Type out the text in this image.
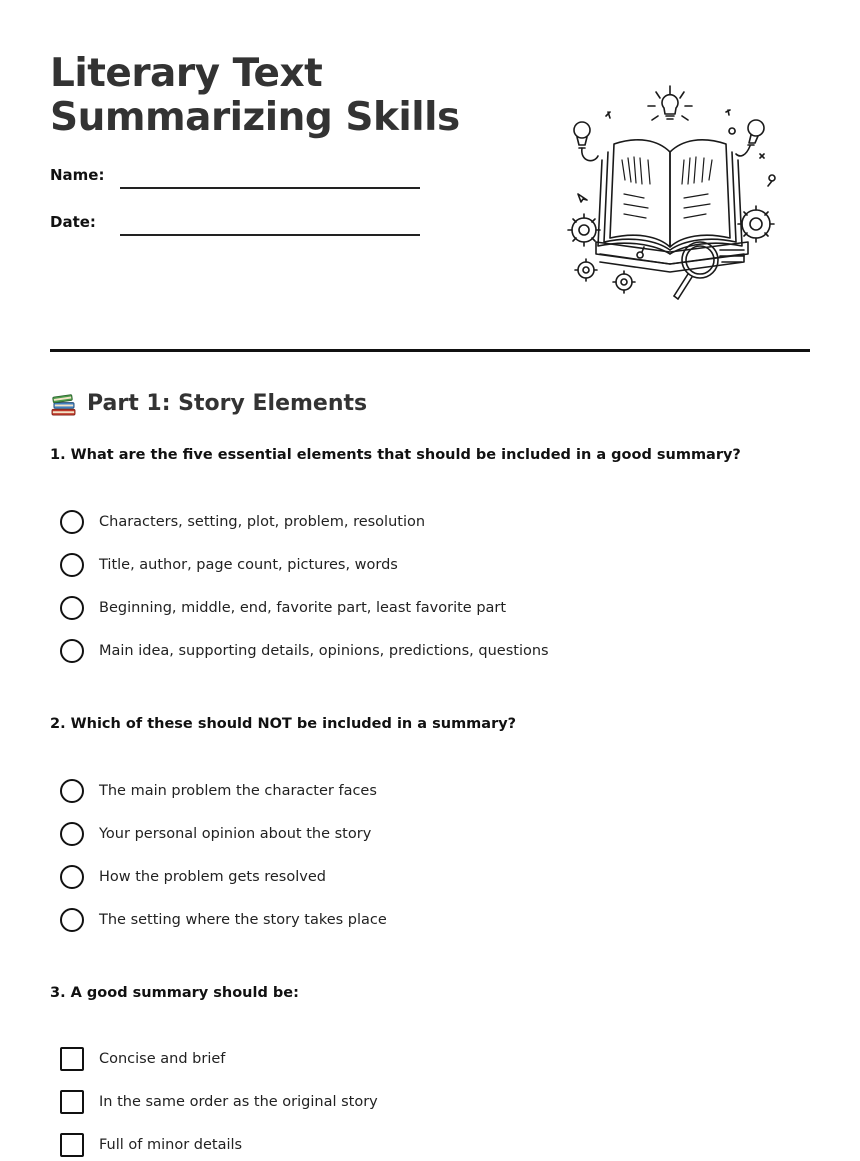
Literary Text
Summarizing Skills
Name:
Date:
Part 1: Story Elements

1. What are the five essential elements that should be included in a good summary?

Characters, setting, plot, problem, resolution
Title, author, page count, pictures, words
Beginning, middle, end, favorite part, least favorite part
Main idea, supporting details, opinions, predictions, questions

2. Which of these should NOT be included in a summary?

The main problem the character faces
Your personal opinion about the story
How the problem gets resolved
The setting where the story takes place

3. A good summary should be:

Concise and brief
In the same order as the original story
Full of minor details
